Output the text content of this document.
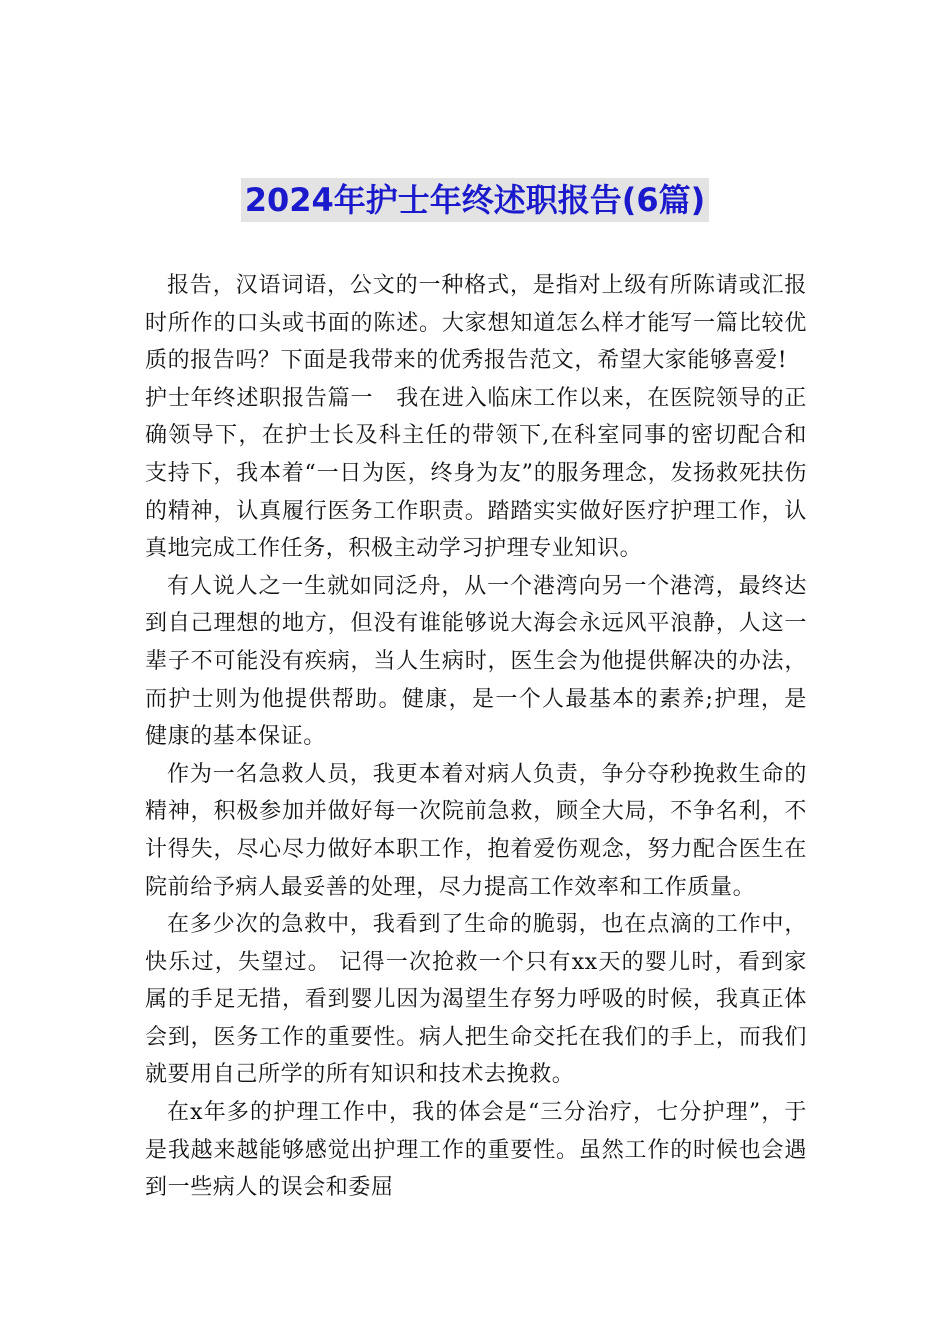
2024年护士年终述职报告(6篇)

报告，汉语词语，公文的一种格式，是指对上级有所陈请或汇报时所作的口头或书面的陈述。大家想知道怎么样才能写一篇比较优质的报告吗？下面是我带来的优秀报告范文，希望大家能够喜爱!

护士年终述职报告篇一　我在进入临床工作以来，在医院领导的正确领导下，在护士长及科主任的带领下,在科室同事的密切配合和支持下，我本着“一日为医，终身为友”的服务理念，发扬救死扶伤的精神，认真履行医务工作职责。踏踏实实做好医疗护理工作，认真地完成工作任务，积极主动学习护理专业知识。

有人说人之一生就如同泛舟，从一个港湾向另一个港湾，最终达到自己理想的地方，但没有谁能够说大海会永远风平浪静，人这一辈子不可能没有疾病，当人生病时，医生会为他提供解决的办法，而护士则为他提供帮助。健康，是一个人最基本的素养;护理，是健康的基本保证。

作为一名急救人员，我更本着对病人负责，争分夺秒挽救生命的精神，积极参加并做好每一次院前急救，顾全大局，不争名利，不计得失，尽心尽力做好本职工作，抱着爱伤观念，努力配合医生在院前给予病人最妥善的处理，尽力提高工作效率和工作质量。

在多少次的急救中，我看到了生命的脆弱，也在点滴的工作中，快乐过，失望过。 记得一次抢救一个只有xx天的婴儿时，看到家属的手足无措，看到婴儿因为渴望生存努力呼吸的时候，我真正体会到，医务工作的重要性。病人把生命交托在我们的手上，而我们就要用自己所学的所有知识和技术去挽救。

在x年多的护理工作中，我的体会是“三分治疗，七分护理”，于是我越来越能够感觉出护理工作的重要性。虽然工作的时候也会遇到一些病人的误会和委屈
